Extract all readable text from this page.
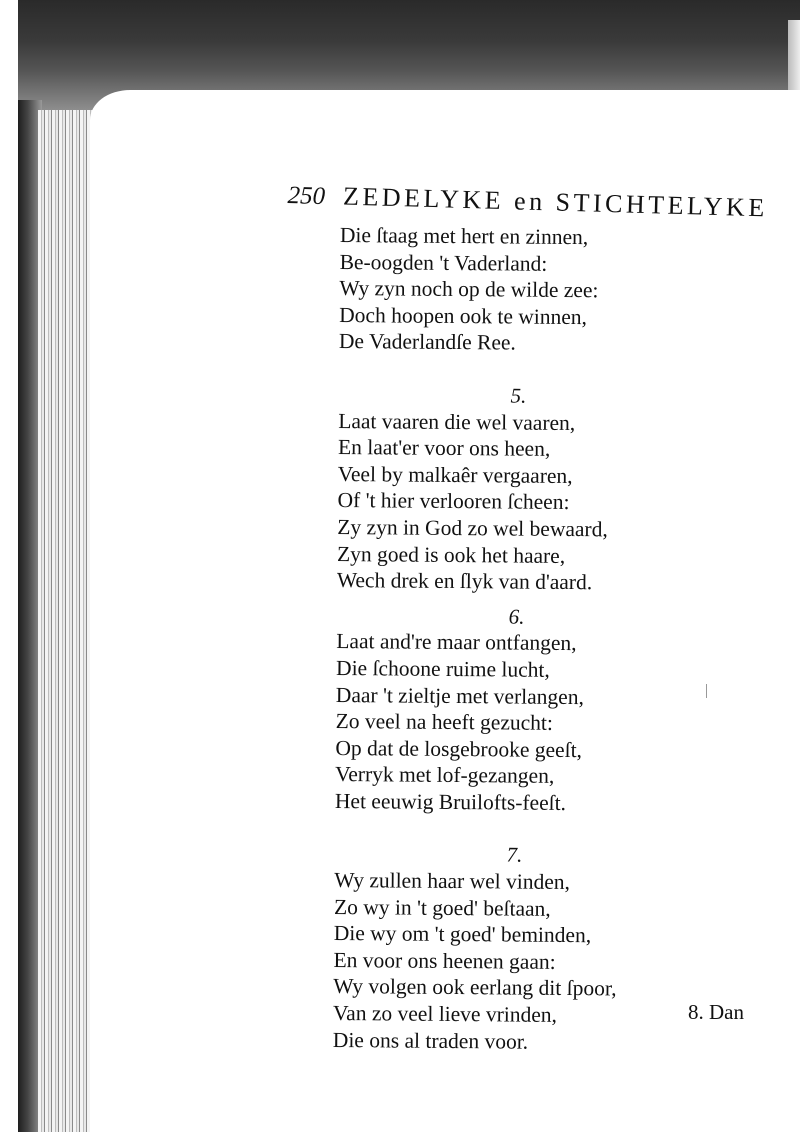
250 ZEDELYKE en STICHTELYKE
Die ſtaag met hert en zinnen,
Be-oogden 't Vaderland:
Wy zyn noch op de wilde zee:
Doch hoopen ook te winnen,
De Vaderlandſe Ree.
5.
Laat vaaren die wel vaaren,
En laat'er voor ons heen,
Veel by malkaêr vergaaren,
Of 't hier verlooren ſcheen:
Zy zyn in God zo wel bewaard,
Zyn goed is ook het haare,
Wech drek en ſlyk van d'aard.
6.
Laat and're maar ontfangen,
Die ſchoone ruime lucht,
Daar 't zieltje met verlangen,
Zo veel na heeft gezucht:
Op dat de losgebrooke geeſt,
Verryk met lof-gezangen,
Het eeuwig Bruilofts-feeſt.
7.
Wy zullen haar wel vinden,
Zo wy in 't goed' beſtaan,
Die wy om 't goed' beminden,
En voor ons heenen gaan:
Wy volgen ook eerlang dit ſpoor,
Van zo veel lieve vrinden,
Die ons al traden voor.
8. Dan
